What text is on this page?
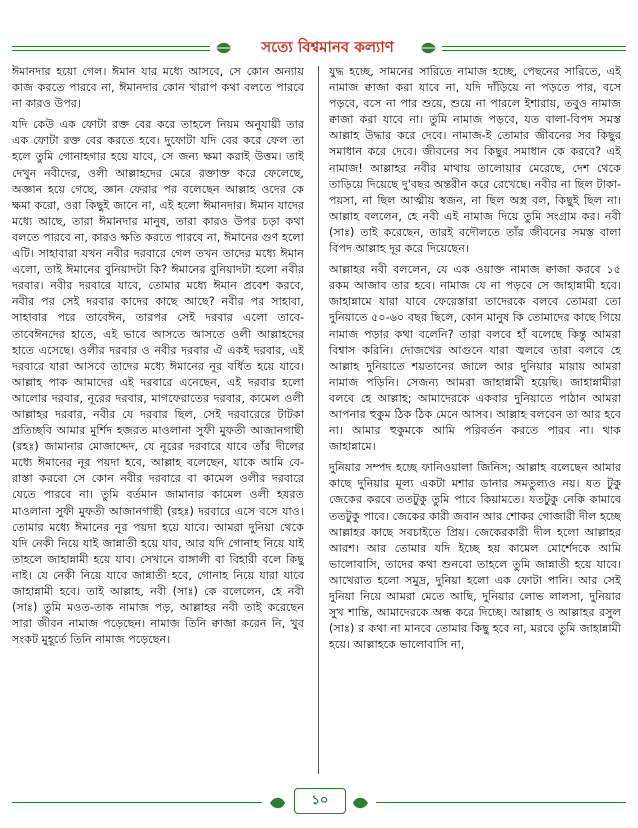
সত্যে বিশ্বমানব কল্যাণ

ঈমানদার হয়ো গেল। ঈমান যার মধ্যে আসবে, সে কোন অন্যায় কাজ করতে পারবে না, ঈমানদার কোন খারাপ কথা বলতে পারবে না কারও উপর।

যদি কেউ এক ফোটা রক্ত বের করে তাহলে নিয়ম অনুযায়ী তার এক ফোটা রক্ত বের করতে হবে। দুফোটা যদি বের করে ফেল তা হলে তুমি গোনাহগার হয়ে যাবে, সে জন্য ক্ষমা করাই উত্তম। তাই দেখুন নবীদের, ওলী আল্লাহদের মেরে রক্তাক্ত করে ফেলেছে, অজ্ঞান হয়ে গেছে, জ্ঞান ফেরার পর বলেছেন আল্লাহ ওদের কে ক্ষমা করো, ওরা কিছুই জানে না, এই হলো ঈমানদার। ঈমান যাদের মধ্যে আছে, তারা ঈমানদার মানুষ, তারা কারও উপর চড়া কথা বলতে পারবে না, কারও ক্ষতি করতে পারবে না, ঈমানের গুণ হলো এটি। সাহাবারা যখন নবীর দরবারে গেল তখন তাদের মধ্যে ঈমান এলো, তাই ঈমানের বুনিয়াদটা কি? ঈমানের বুনিয়াদটা হলো নবীর দরবার। নবীর দরবারে যাবে, তোমার মধ্যে ঈমান প্রবেশ করবে, নবীর পর সেই দরবার কাদের কাছে আছে? নবীর পর সাহাবা, সাহাবার পরে তাবেঈন, তারপর সেই দরবার এলো তাবে-তাবেঈনদের হাতে, এই ভাবে আসতে আসতে ওলী আল্লাহদের হাতে এসেছে। ওলীর দরবার ও নবীর দরবার ঐ একই দরবার, এই দরবারে যারা আসবে তাদের মধ্যে ঈমানের নূর বর্ধিত হয়ে যাবে। আল্লাহ পাক আমাদের এই দরবারে এনেছেন, এই দরবার হলো আলোর দরবার, নূরের দরবার, মাগফেরাতের দরবার, কামেল ওলী আল্লাহর দরবার, নবীর যে দরবার ছিল, সেই দরবারেরে টাটকা প্রতিচ্ছবি আমার মুর্শিদ হজরত মাওলানা সুফী মুফতী আজানগাছী (রহঃ) জামানার মোজাদ্দেদ, যে নূরের দরবারে যাবে তাঁর দীলের মধ্যে ঈমানের নূর পয়দা হবে, আল্লাহ বলেছেন, যাকে আমি বে-রাস্তা করবো সে কোন নবীর দরবারে বা কামেল ওলীর দরবারে যেতে পারবে না। তুমি বর্তমান জামানার কামেল ওলী হযরত মাওলানা সুফী মুফতী আজানগাছী (রহঃ) দরবারে এসে বসে যাও। তোমার মধ্যে ঈমানের নূর পয়দা হয়ে যাবে। আমরা দুনিয়া থেকে যদি নেকী নিয়ে যাই জান্নাতী হয়ে যাব, আর যদি গোনাহ নিয়ে যাই তাহলে জাহান্নামী হয়ে যাব। সেখানে বাঙ্গালী বা বিহারী বলে কিছু নাই। যে নেকী নিয়ে যাবে জান্নাতী হবে, গোনাহ নিয়ে যারা যাবে জাহান্নামী হবে। তাই আল্লাহ, নবী (সাঃ) কে বলেলেন, হে নবী (সাঃ) তুমি মওত-তাক নামাজ পড়, আল্লাহর নবী তাই করেছেন সারা জীবন নামাজ পড়েছেন। নামাজ তিনি ক্বাজা করেন নি, খুব সংকট মুহূর্তে তিনি নামাজ পড়েছেন।

যুদ্ধ হচ্ছে, সামনের সারিতে নামাজ হচ্ছে, পেছনের সারিতে, এই নামাজ ক্বাজা করা যাবে না, যদি দাঁড়িয়ে না পড়তে পার, বসে পড়বে, বসে না পার শুয়ে, শুয়ে না পারলে ইশারায়, তবুও নামাজ ক্বাজা করা যাবে না। তুমি নামাজ পড়বে, যত বালা-বিপদ সমস্ত আল্লাহ উদ্ধার করে দেবে। নামাজ-ই তোমার জীবনের সব কিছুর সমাধান করে দেবে। জীবনের সব কিছুর সমাধান কে করবে? এই নামাজ! আল্লাহর নবীর মাথায় তালোয়ার মেরেছে, দেশ থেকে তাড়িয়ে দিয়েছে দু'বছর অন্তরীন করে রেখেছে। নবীর না ছিল টাকা-পয়সা, না ছিল আত্মীয় স্বজন, না ছিল অস্ত্র বল, কিছুই ছিল না। আল্লাহ বললেন, হে নবী এই নামাজ দিয়ে তুমি সংগ্রাম কর। নবী (সাঃ) তাই করেছেন, তারই বদৌলতে তাঁর জীবনের সমস্ত বালা বিপদ আল্লাহ দূর করে দিয়েছেন।

আল্লাহর নবী বললেন, যে এক ওয়াক্ত নামাজ ক্বাজা করবে ১৫ রকম আজাব তার হবে। নামাজ যে না পড়বে সে জাহান্নামী হবে। জাহান্নামে যারা যাবে ফেরেস্তারা তাদেরকে বলবে তোমরা তো দুনিয়াতে ৫০-৬০ বছর ছিলে, কোন মানুষ কি তোমাদের কাছে গিয়ে নামাজ পড়ার কথা বলেনি? তারা বলবে হাঁ বলেছে কিন্তু আমরা বিশ্বাস করিনি। দোজখের আগুনে যারা জ্বলবে তারা বলবে হে আল্লাহ দুনিয়াতে শয়তানের জালে আর দুনিয়ার মায়ায় আমরা নামাজ পড়িনি। সেজন্য আমরা জাহান্নামী হয়েছি। জাহান্নামীরা বলবে হে আল্লাহ; আমাদেরকে একবার দুনিয়াতে পাঠান আমরা আপনার হুকুম ঠিক ঠিক মেনে আসব। আল্লাহ বলবেন তা আর হবে না। আমার হুকুমকে আমি পরিবর্তন করতে পারব না। থাক জাহান্নামে।

দুনিয়ার সম্পদ হচ্ছে ফানিওয়ালা জিনিস; আল্লাহ বলেছেন আমার কাছে দুনিয়ার মূল্য একটা মশার ডানার সমতুল্যও নয়। যত টুকু জেকের করবে ততটুকু তুমি পাবে কিয়ামতে। যতটুকু নেকি কামাবে ততটুকু পাবে। জেকের কারী জবান আর শোকর গোজারী দীল হচ্ছে আল্লাহর কাছে সবচাইতে প্রিয়। জেকেরকারী দীল হলো আল্লাহর আরশ। আর তোমার যদি ইচ্ছে হয় কামেল মোর্শেদকে আমি ভালোবাসি, তাদের কথা শুনবো তাহলে তুমি জান্নাতী হয়ে যাবে। আখেরাত হলো সমুদ্র, দুনিয়া হলো এক ফোটা পানি। আর সেই দুনিয়া নিয়ে আমরা মেতে আছি, দুনিয়ার লোভ লালসা, দুনিয়ার সুখ শান্তি, আমাদেরকে অন্ধ করে দিচ্ছে। আল্লাহ ও আল্লাহর রসুল (সাঃ) র কথা না মানবে তোমার কিছু হবে না, মরবে তুমি জাহান্নামী হয়ে। আল্লাহকে ভালোবাসি না,

১০
